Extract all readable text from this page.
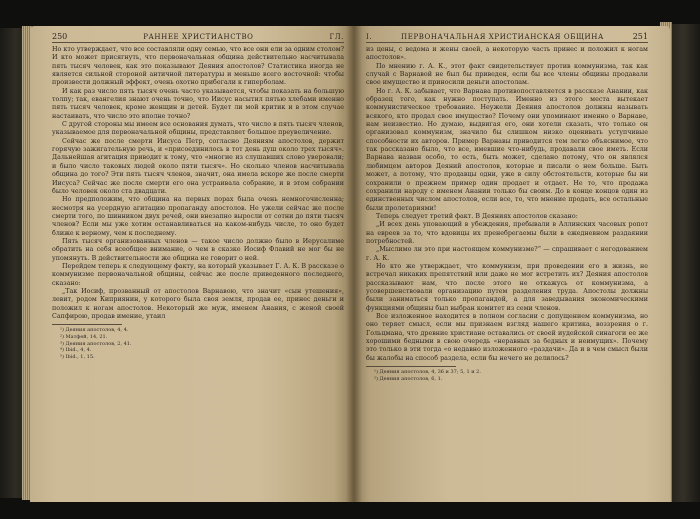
250	РАННЕЕ ХРИСТИАНСТВО	ГЛ.

Но кто утверждает, что все составляли одну семью, что все они ели за одним столом? И кто может присягнуть, что первоначальная община действительно насчитывала пять тысяч человек, как это показывают Деяния апостолов? Статистика иногда не является сильной стороной античной литературы и меньше всего восточной: чтобы произвести должный эффект, очень охотно прибегали к гиперболам.

И как раз число пять тысяч очень часто указывается, чтобы показать на большую толпу; так, евангелия знают очень точно, что Иисус насытил пятью хлебами именно пять тысяч человек, кроме женщин и детей. Будет ли мой критик и в этом случае настаивать, что число это вполне точно?

С другой стороны мы имеем все основания думать, что число в пять тысяч членов, указываемое для первоначальной общины, представляет большое преувеличение.

Сейчас же после смерти Иисуса Петр, согласно Деяниям апостолов, держит горячую зажигательную речь, и «присоединилось в тот день душ около трех тысяч». Дальнейшая агитация приводит к тому, что «многие из слушавших слово уверовали; и было число таковых людей около пяти тысяч». Но сколько членов насчитывала община до того? Эти пять тысяч членов, значит, она имела вскоре же после смерти Иисуса? Сейчас же после смерти его она устраивала собрание, и в этом собрании было человек около ста двадцати.

Но предположим, что община на первых порах была очень немногочисленна; несмотря на усердную агитацию пропаганду апостолов. Не ужели сейчас же после смерти того, по шинником двух речей, они внезапно выросли от сотни до пяти тысяч членов? Если мы уже хотим останавливаться на каком-нибудь числе, то оно будет ближе к верному, чем к последнему.

Пять тысяч организованных членов — такое число должно было в Иерусалиме обратить на себя всеобщее внимание, о чем в сказке Иосиф Флавий не мог бы не упомянуть. В действительности же община не говорит о ней.

Перейдем теперь к следующему факту, на который указывает Г. А. К. В рассказе о коммунизме первоначальной общины, сейчас же после приведенного последнего, сказано:

„Так Иосиф, прозванный от апостолов Варнавою, что значит «сын утешения», левит, родом Киприянин, у которого была своя земля, продав ее, принес деньги и положил к ногам апостолов. Некоторый же муж, именем Анания, с женой своей Сапфирою, продав имение, утаил

¹) Деяния апостолов, 4, 4.
²) Матфей, 14, 21.
³) Деяния апостолов, 2, 41.
⁴) Ibid., 4, 4.
⁵) Ibid., 1, 15.
I.	ПЕРВОНАЧАЛЬНАЯ ХРИСТИАНСКАЯ ОБЩИНА	251

из цены, с ведома и жены своей, а некоторую часть принес и положил к ногам апостолов».

По мнению г. А. К., этот факт свидетельствует против коммунизма, так как случай с Варнавой не был бы приведен, если бы все члены общины продавали свое имущество и приносили деньги апостолам.

Но г. А. К. забывает, что Варнава противопоставляется в рассказе Анании, как образец того, как нужно поступать. Именно из этого места вытекает коммунистическое требование. Неужели Деяния апостолов должны называть всякого, кто продал свое имущество? Почему они упоминают именно о Варнаве, нам неизвестно. Но думаю, выдвигая его, они хотели сказать, что только он организовал коммунизм, значило бы слишком низко оценивать уступчивые способности их авторов. Пример Варнавы приводится тем легко объяснимое, что так рассказано было, что все, имевшие что-нибудь, продавали свое иметь. Если Варнава назван особо, то есть, быть может, сделано потому, что он являлся любимцем авторов Деяний апостолов, которые и писали о нем больше. Быть может, а потому, что продавцы одни, уже в силу обстоятельств, которые бы ни сохранили о прежнем пример один продает и отдает. Не то, что продажа сохранили народу с именем Анании только бы своим. До в конце концов один из единственных числом апостолов, если все, то, что мнение продать, все остальные были пролетариями!

Теперь следует третий факт. В Деяниях апостолов сказано:

„И всех день уповающий в убеждения, пребывали в Аллинских часовых ропот на евреев за то, что вдовицы их пренебрегаемы были в ежедневном раздаянии потребностей.

„Мыслимо ли это при настоящем коммунизме?“ — спрашивает с негодованием г. А. К.

Но кто же утверждает, что коммунизм, при проведении его в жизнь, не встречал никаких препятствий или даже не мог встретить их? Деяния апостолов рассказывают нам, что после этого не откажусь от коммунизма, а усовершенствовали организацию путем разделения труда. Апостолы должны были заниматься только пропагандой, а для заведывания экономическими функциями общины был выбран комитет из семи членов.

Все изложенное находится в полном согласии с допущением коммунизма, но оно теряет смысл, если мы признаем взгляд нашего критика, воззрения о г. Гольцмана, что древние христиане оставались от своей иудейской синагоги ее же хорошими бедными в свою очередь «неравных за бедных и неимущих». Почему это только в эти тогда «о недавно изложенного «раздачи». Да и в чем смысл были бы жалобы на способ раздела, если бы нечего не делилось?

¹) Деяния апостолов, 4, 36 и 37; 5, 1 и 2.
²) Деяния апостолов, 6, 1.
